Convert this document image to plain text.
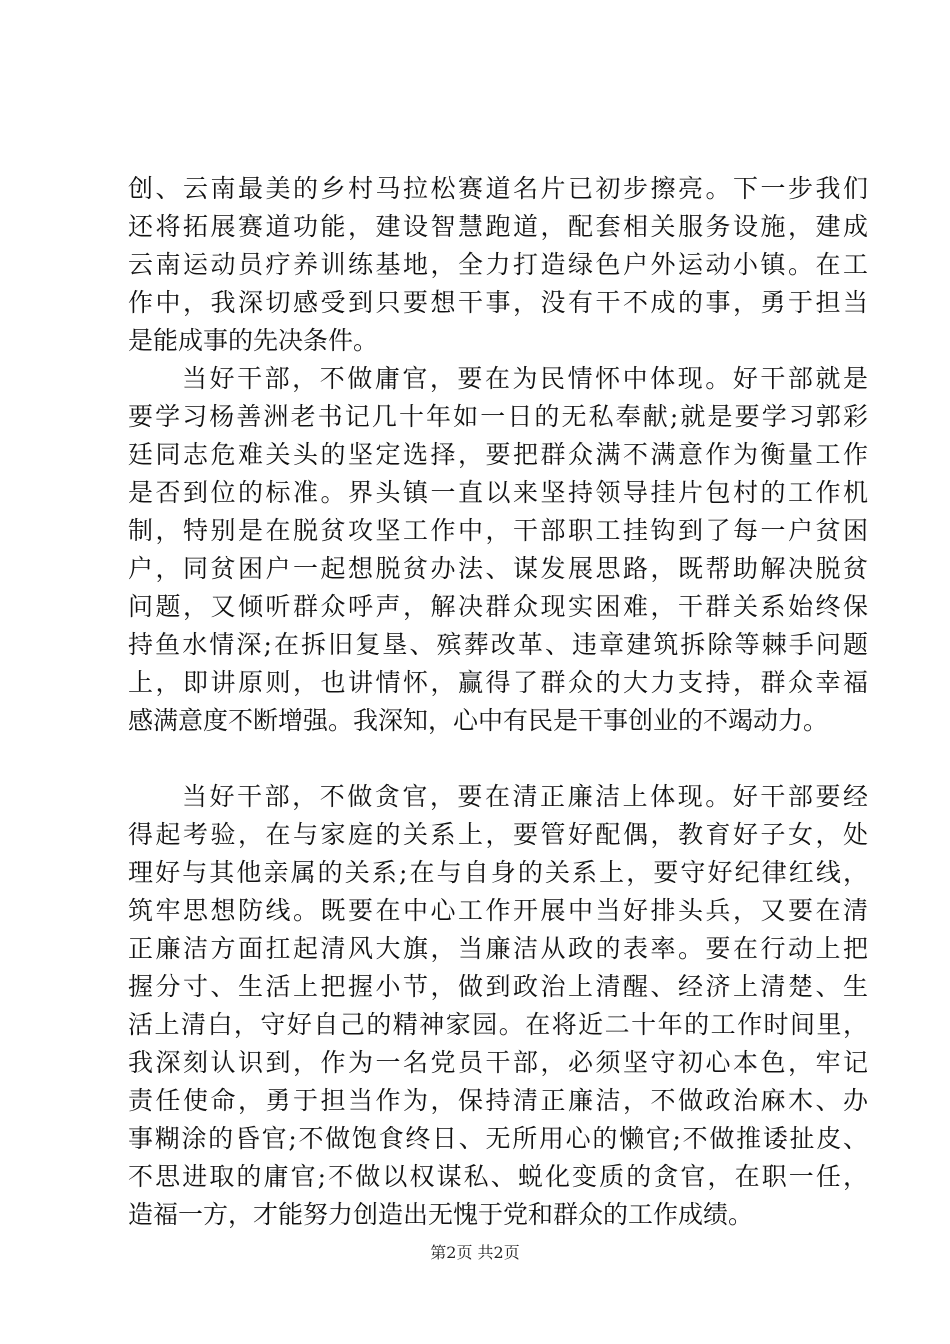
创、云南最美的乡村马拉松赛道名片已初步擦亮。下一步我们
还将拓展赛道功能，建设智慧跑道，配套相关服务设施，建成
云南运动员疗养训练基地，全力打造绿色户外运动小镇。在工
作中，我深切感受到只要想干事，没有干不成的事，勇于担当
是能成事的先决条件。
当好干部，不做庸官，要在为民情怀中体现。好干部就是
要学习杨善洲老书记几十年如一日的无私奉献;就是要学习郭彩
廷同志危难关头的坚定选择，要把群众满不满意作为衡量工作
是否到位的标准。界头镇一直以来坚持领导挂片包村的工作机
制，特别是在脱贫攻坚工作中，干部职工挂钩到了每一户贫困
户，同贫困户一起想脱贫办法、谋发展思路，既帮助解决脱贫
问题，又倾听群众呼声，解决群众现实困难，干群关系始终保
持鱼水情深;在拆旧复垦、殡葬改革、违章建筑拆除等棘手问题
上，即讲原则，也讲情怀，赢得了群众的大力支持，群众幸福
感满意度不断增强。我深知，心中有民是干事创业的不竭动力。
当好干部，不做贪官，要在清正廉洁上体现。好干部要经
得起考验，在与家庭的关系上，要管好配偶，教育好子女，处
理好与其他亲属的关系;在与自身的关系上，要守好纪律红线，
筑牢思想防线。既要在中心工作开展中当好排头兵，又要在清
正廉洁方面扛起清风大旗，当廉洁从政的表率。要在行动上把
握分寸、生活上把握小节，做到政治上清醒、经济上清楚、生
活上清白，守好自己的精神家园。在将近二十年的工作时间里，
我深刻认识到，作为一名党员干部，必须坚守初心本色，牢记
责任使命，勇于担当作为，保持清正廉洁，不做政治麻木、办
事糊涂的昏官;不做饱食终日、无所用心的懒官;不做推诿扯皮、
不思进取的庸官;不做以权谋私、蜕化变质的贪官，在职一任，
造福一方，才能努力创造出无愧于党和群众的工作成绩。
第2页 共2页
